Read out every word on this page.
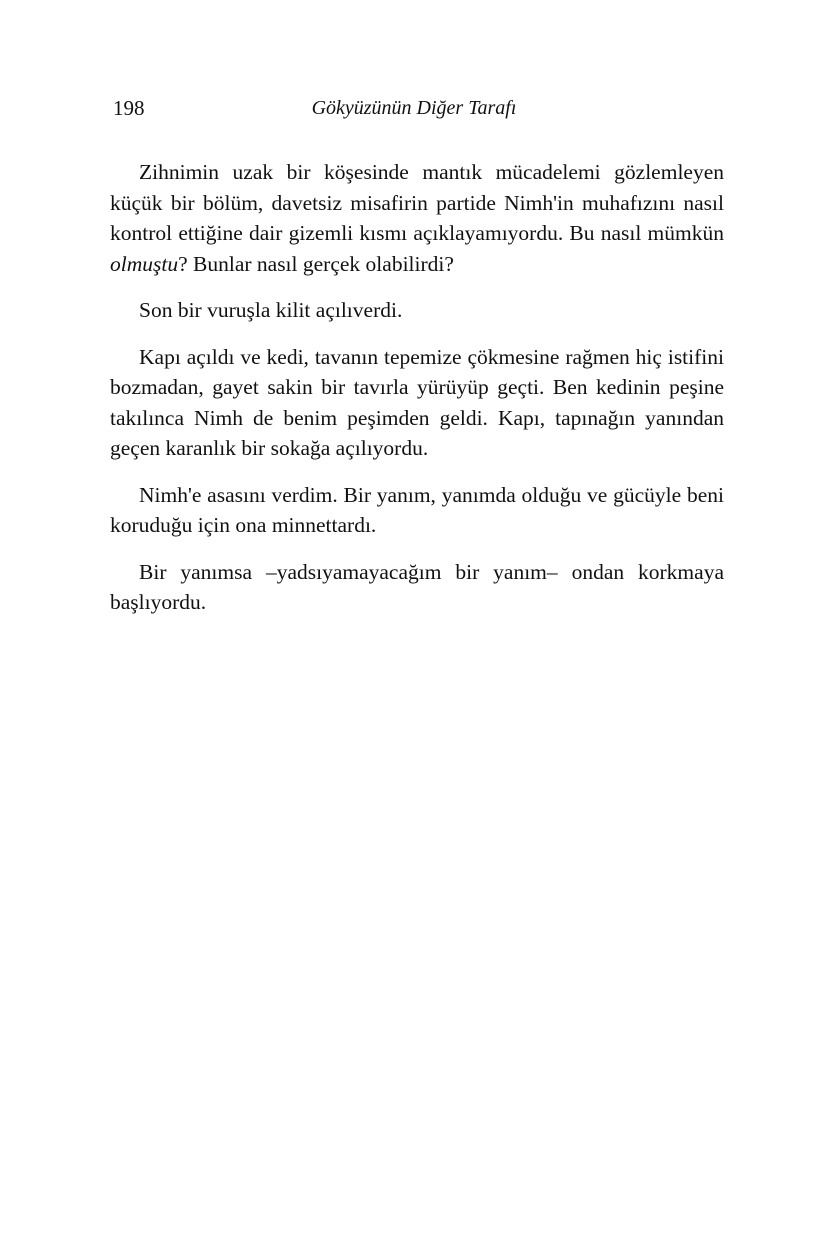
198	Gökyüzünün Diğer Tarafı

Zihnimin uzak bir köşesinde mantık mücadelemi gözlemleyen küçük bir bölüm, davetsiz misafirin partide Nimh'in muhafızını nasıl kontrol ettiğine dair gizemli kısmı açıklayamıyordu. Bu nasıl mümkün olmuştu? Bunlar nasıl gerçek olabilirdi?

Son bir vuruşla kilit açılıverdi.

Kapı açıldı ve kedi, tavanın tepemize çökmesine rağmen hiç istifini bozmadan, gayet sakin bir tavırla yürüyüp geçti. Ben kedinin peşine takılınca Nimh de benim peşimden geldi. Kapı, tapınağın yanından geçen karanlık bir sokağa açılıyordu.

Nimh'e asasını verdim. Bir yanım, yanımda olduğu ve gücüyle beni koruduğu için ona minnettardı.

Bir yanımsa –yadsıyamayacağım bir yanım– ondan korkmaya başlıyordu.
